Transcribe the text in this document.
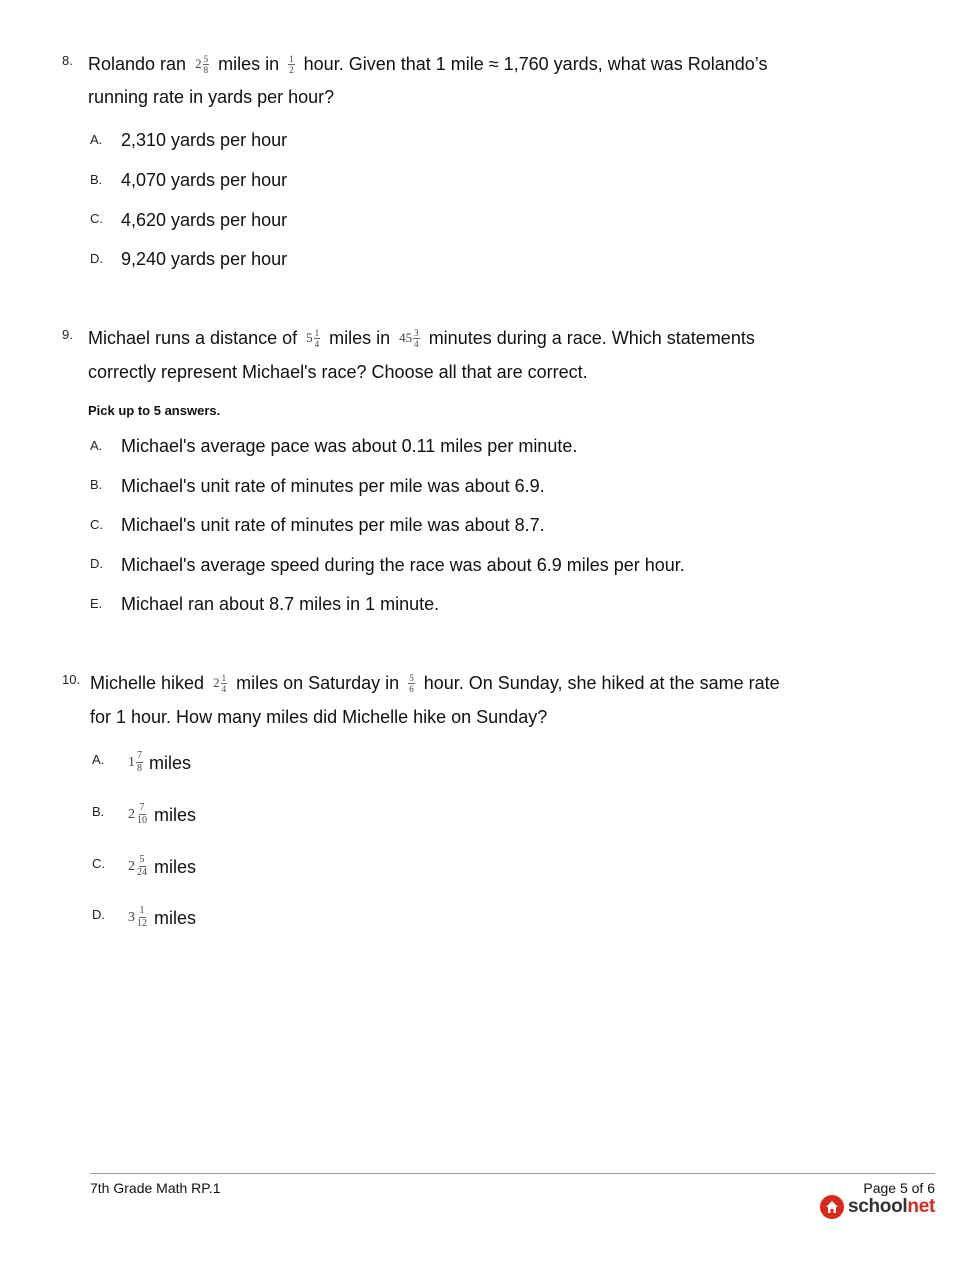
8. Rolando ran 2 5
8 miles in 1
2 hour. Given that 1 mile ≈ 1,760 yards, what was Rolando’s
running rate in yards per hour?
A. 2,310 yards per hour
B. 4,070 yards per hour
C. 4,620 yards per hour
D. 9,240 yards per hour
9. Michael runs a distance of 5 1
4 miles in 45 3
4 minutes during a race. Which statements
correctly represent Michael's race? Choose all that are correct.
Pick up to 5 answers.
A. Michael's average pace was about 0.11 miles per minute.
B. Michael's unit rate of minutes per mile was about 6.9.
C. Michael's unit rate of minutes per mile was about 8.7.
D. Michael's average speed during the race was about 6.9 miles per hour.
E. Michael ran about 8.7 miles in 1 minute.
10. Michelle hiked 2 1
4 miles on Saturday in 5
6 hour. On Sunday, she hiked at the same rate
for 1 hour. How many miles did Michelle hike on Sunday?
A. 1 7
8 miles
B. 2 7
10 miles
C. 2 5
24 miles
D. 3 1
12 miles
7th Grade Math RP.1	Page 5 of 6
schoolnet
